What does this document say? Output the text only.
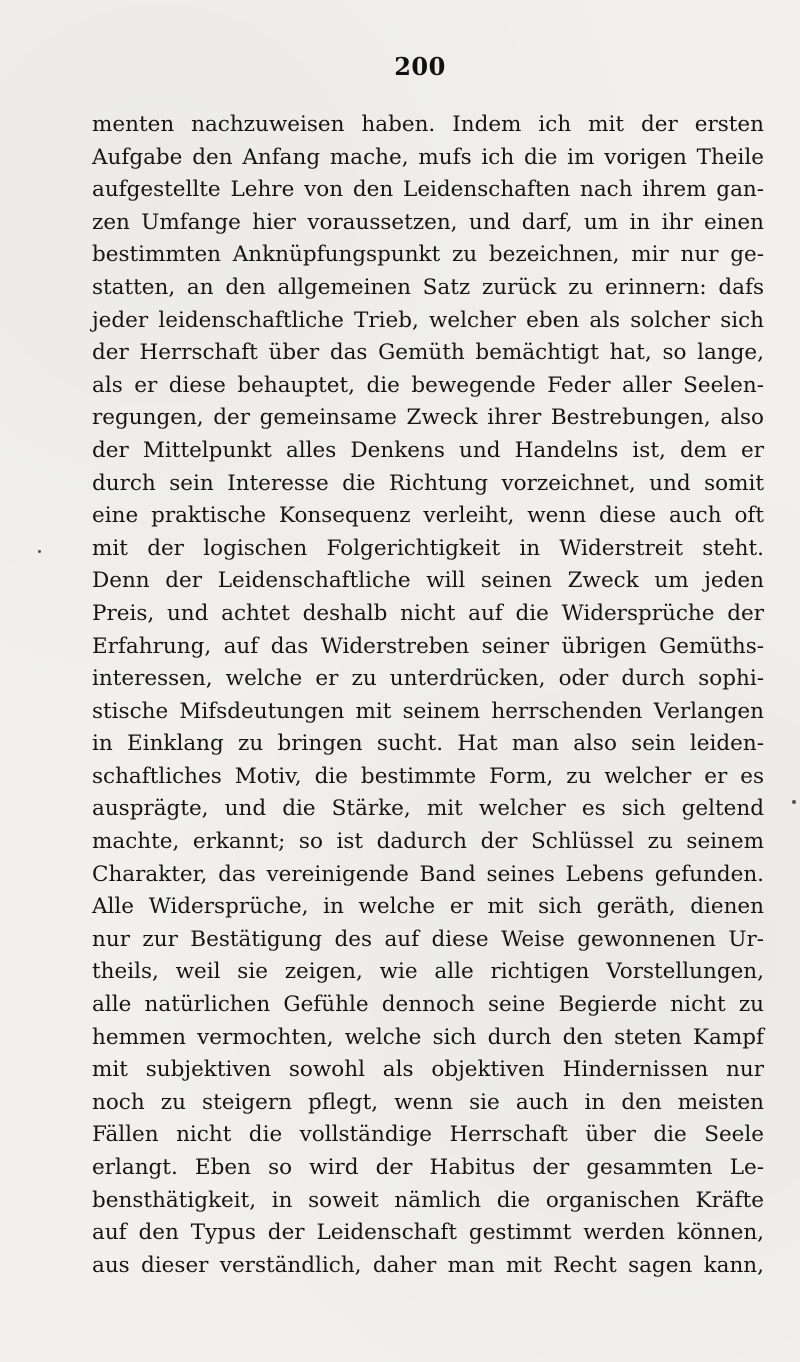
200
menten nachzuweisen haben. Indem ich mit der ersten
Aufgabe den Anfang mache, mufs ich die im vorigen Theile
aufgestellte Lehre von den Leidenschaften nach ihrem gan-
zen Umfange hier voraussetzen, und darf, um in ihr einen
bestimmten Anknüpfungspunkt zu bezeichnen, mir nur ge-
statten, an den allgemeinen Satz zurück zu erinnern: dafs
jeder leidenschaftliche Trieb, welcher eben als solcher sich
der Herrschaft über das Gemüth bemächtigt hat, so lange,
als er diese behauptet, die bewegende Feder aller Seelen-
regungen, der gemeinsame Zweck ihrer Bestrebungen, also
der Mittelpunkt alles Denkens und Handelns ist, dem er
durch sein Interesse die Richtung vorzeichnet, und somit
eine praktische Konsequenz verleiht, wenn diese auch oft
mit der logischen Folgerichtigkeit in Widerstreit steht.
Denn der Leidenschaftliche will seinen Zweck um jeden
Preis, und achtet deshalb nicht auf die Widersprüche der
Erfahrung, auf das Widerstreben seiner übrigen Gemüths-
interessen, welche er zu unterdrücken, oder durch sophi-
stische Mifsdeutungen mit seinem herrschenden Verlangen
in Einklang zu bringen sucht. Hat man also sein leiden-
schaftliches Motiv, die bestimmte Form, zu welcher er es
ausprägte, und die Stärke, mit welcher es sich geltend
machte, erkannt; so ist dadurch der Schlüssel zu seinem
Charakter, das vereinigende Band seines Lebens gefunden.
Alle Widersprüche, in welche er mit sich geräth, dienen
nur zur Bestätigung des auf diese Weise gewonnenen Ur-
theils, weil sie zeigen, wie alle richtigen Vorstellungen,
alle natürlichen Gefühle dennoch seine Begierde nicht zu
hemmen vermochten, welche sich durch den steten Kampf
mit subjektiven sowohl als objektiven Hindernissen nur
noch zu steigern pflegt, wenn sie auch in den meisten
Fällen nicht die vollständige Herrschaft über die Seele
erlangt. Eben so wird der Habitus der gesammten Le-
bensthätigkeit, in soweit nämlich die organischen Kräfte
auf den Typus der Leidenschaft gestimmt werden können,
aus dieser verständlich, daher man mit Recht sagen kann,
